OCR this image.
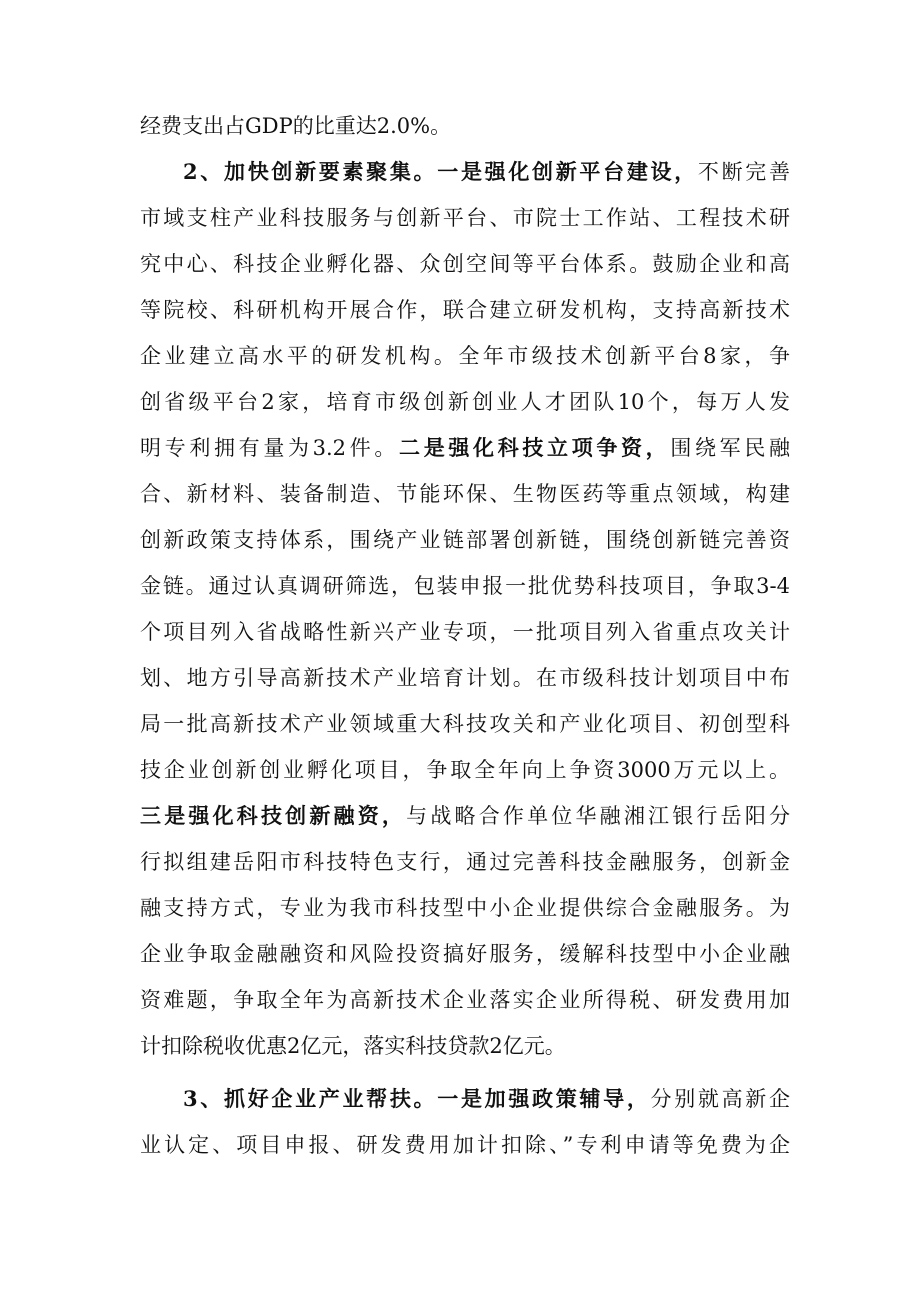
经费支出占GDP的比重达2.0%。
2、加快创新要素聚集。一是强化创新平台建设，不断完善
市域支柱产业科技服务与创新平台、市院士工作站、工程技术研
究中心、科技企业孵化器、众创空间等平台体系。鼓励企业和高
等院校、科研机构开展合作，联合建立研发机构，支持高新技术
企业建立高水平的研发机构。全年市级技术创新平台8家，争
创省级平台2家，培育市级创新创业人才团队10个，每万人发
明专利拥有量为3.2件。二是强化科技立项争资，围绕军民融
合、新材料、装备制造、节能环保、生物医药等重点领域，构建
创新政策支持体系，围绕产业链部署创新链，围绕创新链完善资
金链。通过认真调研筛选，包装申报一批优势科技项目，争取3-4
个项目列入省战略性新兴产业专项，一批项目列入省重点攻关计
划、地方引导高新技术产业培育计划。在市级科技计划项目中布
局一批高新技术产业领域重大科技攻关和产业化项目、初创型科
技企业创新创业孵化项目，争取全年向上争资3000万元以上。
三是强化科技创新融资，与战略合作单位华融湘江银行岳阳分
行拟组建岳阳市科技特色支行，通过完善科技金融服务，创新金
融支持方式，专业为我市科技型中小企业提供综合金融服务。为
企业争取金融融资和风险投资搞好服务，缓解科技型中小企业融
资难题，争取全年为高新技术企业落实企业所得税、研发费用加
计扣除税收优惠2亿元，落实科技贷款2亿元。
3、抓好企业产业帮扶。一是加强政策辅导，分别就高新企
业认定、项目申报、研发费用加计扣除、”专利申请等免费为企
